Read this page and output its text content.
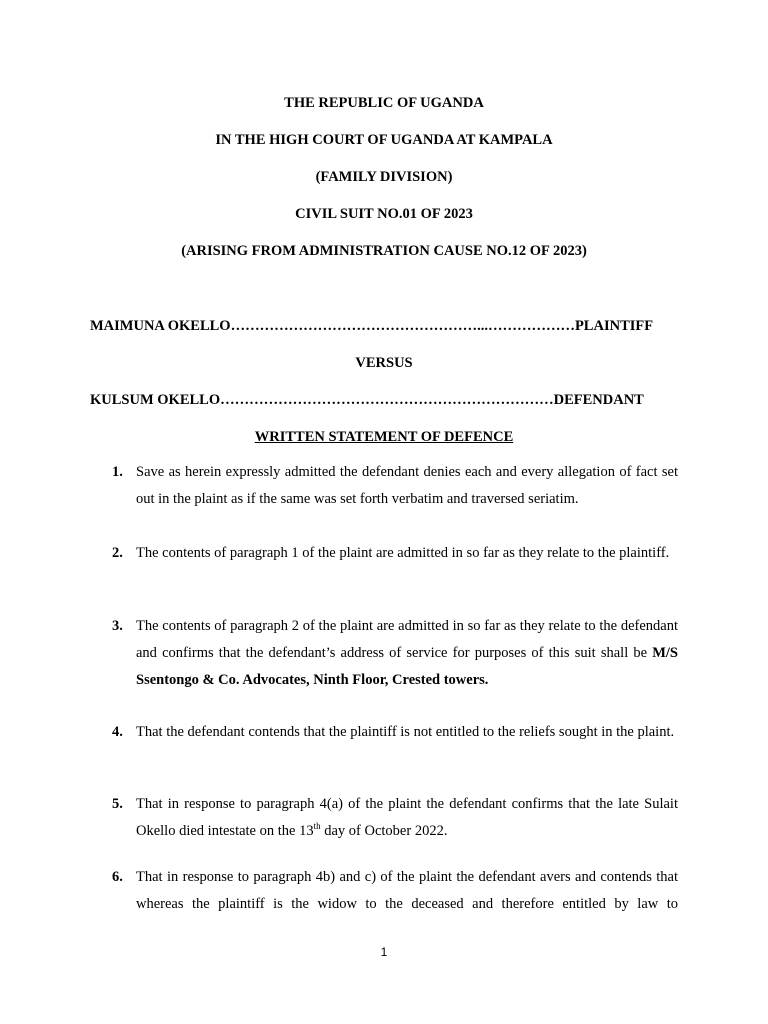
THE REPUBLIC OF UGANDA
IN THE HIGH COURT OF UGANDA AT KAMPALA
(FAMILY DIVISION)
CIVIL SUIT NO.01 OF 2023
(ARISING FROM ADMINISTRATION CAUSE NO.12 OF 2023)
MAIMUNA OKELLO……………………………………………...………………PLAINTIFF
VERSUS
KULSUM OKELLO……………………………………………………………DEFENDANT
WRITTEN STATEMENT OF DEFENCE
1. Save as herein expressly admitted the defendant denies each and every allegation of fact set out in the plaint as if the same was set forth verbatim and traversed seriatim.
2. The contents of paragraph 1 of the plaint are admitted in so far as they relate to the plaintiff.
3. The contents of paragraph 2 of the plaint are admitted in so far as they relate to the defendant and confirms that the defendant’s address of service for purposes of this suit shall be M/S Ssentongo & Co. Advocates, Ninth Floor, Crested towers.
4. That the defendant contends that the plaintiff is not entitled to the reliefs sought in the plaint.
5. That in response to paragraph 4(a) of the plaint the defendant confirms that the late Sulait Okello died intestate on the 13th day of October 2022.
6. That in response to paragraph 4b) and c) of the plaint the defendant avers and contends that whereas the plaintiff is the widow to the deceased and therefore entitled by law to
1
